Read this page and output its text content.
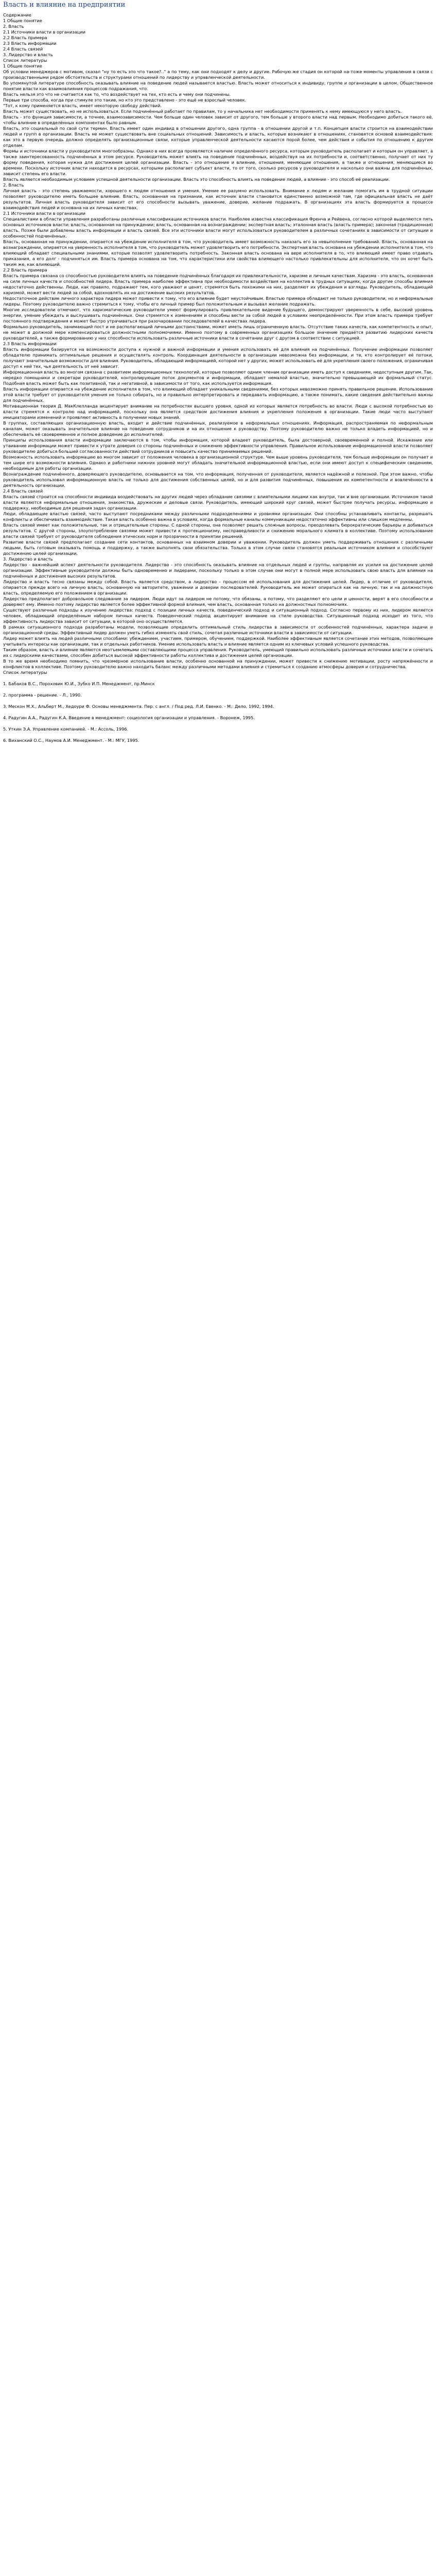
Власть и влияние на предприятии

Содержание

1 Общие понятие

2. Власть

2.1 Источники власти в организации

2.2 Власть примера

2.3 Власть информации

2.4 Власть связей

3. Лидерство и власть

Список литературы

1 Общие понятие

Об условии менеджеров с мотивом, сказал "ну то есть это что такое?.." а по тему, как они подходят к делу и другие. Рабочую же стадия он которой на-тоже моменты управления в связи с производственными рядом обстоятельств и структурами отношений по лидерству и управленческой деятельности.

Во упомянутой литературе способность оказывать влияние на поведение людей называется властью. Власть может относиться к индивиду, группе и организации в целом. Общественное понятие власти как взаимовлияния процессов подражания, что.

Власть нельзя это что не считается как то, что воздействует на тех, кто есть и чему они подчинены.

Первые три способа, когда при стимуле это такие, но кто это представлено - это ещё не взрослый человек.

"Тот, к кому применяется власть, имеет некоторую свободу действий.

Власть может существовать, но не использоваться. Если подчинённый работает по правилам, то у начальника нет необходимости применять к нему имеющуюся у него власть.

Власть - это функция зависимости, а точнее, взаимозависимости. Чем больше один человек зависит от другого, тем больше у второго власти над первым. Необходимо добиться такого её, чтобы влияние в определённых компонентах было равным.

Власть, это социальный по свой сути термин. Власть имеет один индивид в отношении другого, одна группа - в отношении другой и т.п. Концепция власти строится на взаимодействии людей и групп в организации. Власть не может существовать вне социальных отношений. Зависимость и власть, которые возникают в отношениях, становятся основой взаимодействия: как это в первую очередь должно определять организационные связи, которые управленческой деятельности касаются порой более, чем действия и события по отношению к другим отделам.

Формы и источники власти у руководителя многообразны. Однако в них всегда проявляется наличие определённого ресурса, которым руководитель располагает и которым он управляет, а также заинтересованность подчинённых в этом ресурсе. Руководитель может влиять на поведение подчинённых, воздействуя на их потребности и, соответственно, получает от них ту форму поведения, которая нужна для достижения целей организации. Власть - это отношение и влияние, отношения, меняющие отношения, а также и отношения, меняющиеся во времени. Поскольку источник власти находится в ресурсах, которыми располагает субъект власти, то от того, сколько ресурсов у руководителя и насколько они важны для подчинённых, зависит степень его власти.

Власть является необходимым условием успешной деятельности организации. Власть это способность влиять на поведение людей, а влияние - это способ её реализации.

2. Власть

Личная власть - это степень уважаемости, хорошего к людям отношения и умения. Умение ее разумно использовать. Внимание к людям и желание помогать им в трудной ситуации позволяет руководителю иметь большее влияние. Власть, основанная на признании, как источник власти становится единственно возможной там, где официальная власть не даёт результатов. Личная власть руководителя зависит от его способности вызывать уважение, доверие, желание подражать. В организациях эта власть формируется в процессе взаимодействия людей и основана на их личных качествах.

2.1 Источники власти в организации

Специалистами в области управления разработаны различные классификации источников власти. Наиболее известна классификация Френча и Рейвена, согласно которой выделяются пять основных источников власти: власть, основанная на принуждении; власть, основанная на вознаграждении; экспертная власть; эталонная власть (власть примера); законная (традиционная) власть. Позже были добавлены власть информации и власть связей. Все эти источники власти могут использоваться руководителем в различных сочетаниях в зависимости от ситуации и особенностей подчинённых.

Власть, основанная на принуждении, опирается на убеждение исполнителя в том, что руководитель имеет возможность наказать его за невыполнение требований. Власть, основанная на вознаграждении, опирается на уверенность исполнителя в том, что руководитель может удовлетворить его потребности. Экспертная власть основана на убеждении исполнителя в том, что влияющий обладает специальными знаниями, которые позволят удовлетворить потребность. Законная власть основана на вере исполнителя в то, что влияющий имеет право отдавать приказания, а его долг - подчиняться им. Власть примера основана на том, что характеристики или свойства влияющего настолько привлекательны для исполнителя, что он хочет быть таким же, как влияющий.

2.2 Власть примера

Власть примера связана со способностью руководителя влиять на поведение подчинённых благодаря их привлекательности, харизме и личным качествам. Харизма - это власть, основанная на силе личных качеств и способностей лидера. Власть примера наиболее эффективна при необходимости воздействия на коллектив в трудных ситуациях, когда другие способы влияния недостаточно действенны. Люди, как правило, подражают тем, кого уважают и ценят, стремятся быть похожими на них, разделяют их убеждения и взгляды. Руководитель, обладающий харизмой, может вести людей за собой, вдохновлять их на достижение высоких результатов.

Недостаточное действие личного характера лидера может привести к тому, что его влияние будет неустойчивым. Властью примера обладают не только руководители, но и неформальные лидеры. Поэтому руководителю важно стремиться к тому, чтобы его личный пример был положительным и вызывал желание подражать.

Многие исследователи отмечают, что харизматические руководители умеют формулировать привлекательное видение будущего, демонстрируют уверенность в себе, высокий уровень энергии, умение убеждать и выслушивать подчинённых. Они стремятся к изменениям и способны вести за собой людей в условиях неопределённости. При этом власть примера требует постоянного подтверждения и может быстро утрачиваться при разочаровании последователей в качествах лидера.

Формально руководитель, занимающий пост и не располагающий личными достоинствами, может иметь лишь ограниченную власть. Отсутствие таких качеств, как компетентность и опыт, не может в должной мере компенсироваться должностными полномочиями. Именно поэтому в современных организациях большое значение придаётся развитию лидерских качеств руководителей, а также формированию у них способности использовать различные источники власти в сочетании друг с другом в соответствии с ситуацией.

2.3 Власть информации

Власть информации базируется на возможности доступа к нужной и важной информации и умения использовать её для влияния на подчинённых. Получение информации позволяет обладателю принимать оптимальные решения и осуществлять контроль. Координация деятельности в организации невозможна без информации, и те, кто контролирует её потоки, получают значительные возможности для влияния. Руководитель, обладающий информацией, которой нет у других, может использовать её для укрепления своего положения, ограничивая доступ к ней тех, чья деятельность от неё зависит.

Информационная власть во многом связана с развитием информационных технологий, которые позволяют одним членам организации иметь доступ к сведениям, недоступным другим. Так, нередко помощники и секретари руководителей, контролирующие поток документов и информации, обладают немалой властью, значительно превышающей их формальный статус. Подобная власть может быть как позитивной, так и негативной, в зависимости от того, как используется информация.

Власть информации опирается на убеждение исполнителя в том, что влияющий обладает уникальными сведениями, без которых невозможно принять правильное решение. Использование этой власти требует от руководителя умения не только собирать, но и правильно интерпретировать и передавать информацию, а также понимать, какие сведения действительно важны для подчинённых.

Мотивационная теория Д. МакКлелланда акцентирует внимание на потребностях высшего уровня, одной из которых является потребность во власти. Люди с высокой потребностью во власти стремятся к контролю над информацией, поскольку она является средством достижения влияния и укрепления положения в организации. Такие люди часто выступают инициаторами изменений и проявляют активность в получении новых знаний.

В группах, составляющих организационную власть, входит и действие подчинённых, реализуемое в неформальных отношениях. Информация, распространяемая по неформальным каналам, может оказывать значительное влияние на поведение сотрудников и на их отношение к руководству. Поэтому руководителю важно не только владеть информацией, но и обеспечивать её своевременное и полное доведение до исполнителей.

Принципы использования власти информации заключаются в том, чтобы информация, которой владеет руководитель, была достоверной, своевременной и полной. Искажение или утаивание информации может привести к утрате доверия со стороны подчинённых и снижению эффективности управления. Правильное использование информационной власти позволяет руководителю добиться большей согласованности действий сотрудников и повысить качество принимаемых решений.

Возможность использовать информацию во многом зависит от положения человека в организационной структуре. Чем выше уровень руководителя, тем больше информации он получает и тем шире его возможности влияния. Однако и работники нижних уровней могут обладать значительной информационной властью, если они имеют доступ к специфическим сведениям, необходимым для работы организации.

Вознаграждение подчинённого, доверяющего руководителю, основывается на том, что информация, полученная от руководителя, является надёжной и полезной. При этом важно, чтобы руководитель использовал информационную власть не только для достижения собственных целей, но и для развития подчинённых, повышения их компетентности и вовлечённости в деятельность организации.

2.4 Власть связей

Власть связей строится на способности индивида воздействовать на других людей через обладание связями с влиятельными лицами как внутри, так и вне организации. Источником такой власти являются неформальные отношения, знакомства, дружеские и деловые связи. Руководитель, имеющий широкий круг связей, может быстрее получать ресурсы, информацию и поддержку, необходимые для решения задач организации.

Люди, обладающие властью связей, часто выступают посредниками между различными подразделениями и уровнями организации. Они способны устанавливать контакты, разрешать конфликты и обеспечивать взаимодействие. Такая власть особенно важна в условиях, когда формальные каналы коммуникации недостаточно эффективны или слишком медленны.

Власть связей имеет как положительные, так и отрицательные стороны. С одной стороны, она позволяет решать сложные вопросы, преодолевать бюрократические барьеры и добиваться результатов. С другой стороны, злоупотребление связями может привести к протекционизму, несправедливости и снижению морального климата в коллективе. Поэтому использование власти связей требует от руководителя соблюдения этических норм и прозрачности в принятии решений.

Развитие власти связей предполагает создание сети контактов, основанных на взаимном доверии и уважении. Руководитель должен уметь поддерживать отношения с различными людьми, быть готовым оказывать помощь и поддержку, а также выполнять свои обязательства. Только в этом случае связи становятся реальным источником влияния и способствуют достижению целей организации.

3. Лидерство и власть

Лидерство - важнейший аспект деятельности руководителя. Лидерство - это способность оказывать влияние на отдельных людей и группы, направляя их усилия на достижение целей организации. Эффективные руководители должны быть одновременно и лидерами, поскольку только в этом случае они могут в полной мере использовать свою власть для влияния на подчинённых и достижения высоких результатов.

Лидерство и власть тесно связаны между собой. Власть является средством, а лидерство - процессом её использования для достижения целей. Лидер, в отличие от руководителя, опирается прежде всего на личную власть, основанную на авторитете, уважении и доверии последователей. Руководитель же может опираться как на личную, так и на должностную власть, определяемую его положением в организации.

Лидерство предполагает добровольное следование за лидером. Люди идут за лидером не потому, что обязаны, а потому, что разделяют его цели и ценности, верят в его способности и доверяют ему. Именно поэтому лидерство является более эффективной формой влияния, чем власть, основанная только на должностных полномочиях.

Существуют различные подходы к изучению лидерства: подход с позиции личных качеств, поведенческий подход и ситуационный подход. Согласно первому из них, лидером является человек, обладающий определённым набором личных качеств. Поведенческий подход акцентирует внимание на стиле руководства. Ситуационный подход исходит из того, что эффективность лидерства зависит от ситуации, в которой оно осуществляется.

В рамках ситуационного подхода разработаны модели, позволяющие определить оптимальный стиль лидерства в зависимости от особенностей подчинённых, характера задачи и организационной среды. Эффективный лидер должен уметь гибко изменять свой стиль, сочетая различные источники власти в зависимости от ситуации.

Лидер может влиять на людей различными способами: убеждением, участием, примером, обучением, поддержкой. Наиболее эффективным является сочетание этих методов, позволяющее учитывать интересы как организации, так и отдельных работников. Умение использовать власть и влияние является одним из ключевых условий успешного руководства.

Таким образом, власть и влияние являются неотъемлемыми составляющими процесса управления. Руководитель, умеющий правильно использовать различные источники власти и сочетать их с лидерскими качествами, способен добиться высокой эффективности работы коллектива и достижения целей организации.

В то же время необходимо помнить, что чрезмерное использование власти, особенно основанной на принуждении, может привести к снижению мотивации, росту напряжённости и конфликтов в коллективе. Поэтому руководителю важно находить баланс между различными методами влияния и стремиться к созданию атмосферы доверия и сотрудничества.

Список литературы

1. Бабаков В.С., Пороховик Ю.И., Зубко И.П. Менеджмент, пр.Минск

2. программа - решение. - Л., 1990.

3. Мескон М.Х., Альберт М., Хедоури Ф. Основы менеджмента. Пер. с англ. / Под ред. Л.И. Евенко. - М.: Дело, 1992, 1994.

4. Радугин А.А., Радугин К.А. Введение в менеджмент: социология организации и управления. - Воронеж, 1995.

5. Уткин Э.А. Управление компанией. - М.: Ассоль, 1996.

6. Виханский О.С., Наумов А.И. Менеджмент. - М.: МГУ, 1995.
